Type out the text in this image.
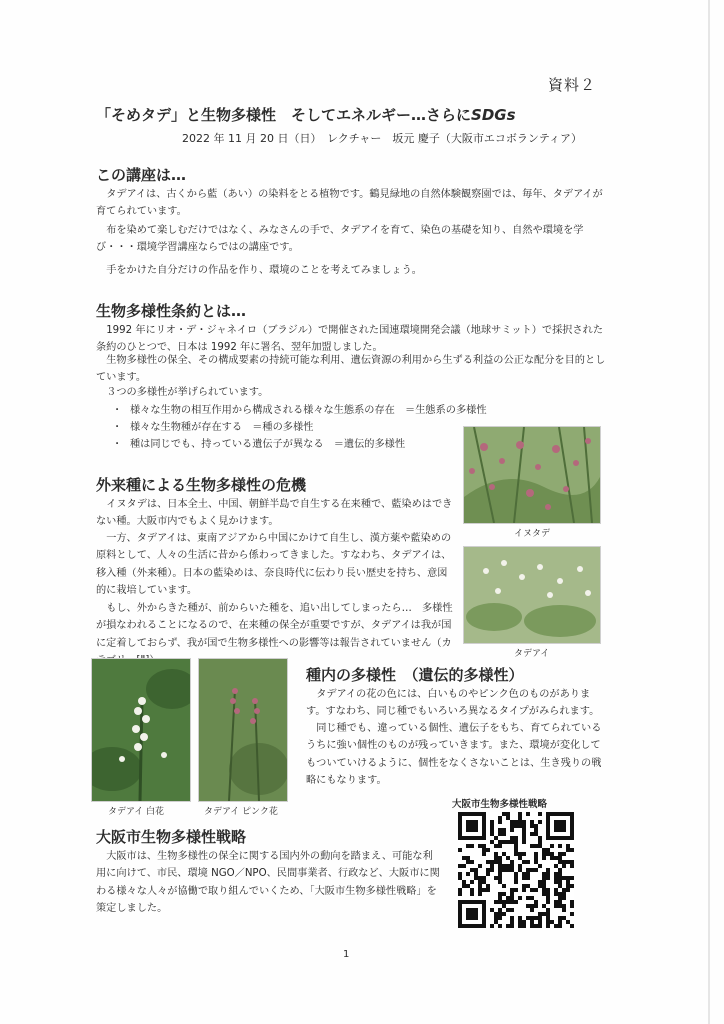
資料２
「そめタデ」と生物多様性　そしてエネルギー…さらにSDGs
2022 年 11 月 20 日（日）　レクチャー　坂元 慶子（大阪市エコボランティア）
この講座は…
タデアイは、古くから藍（あい）の染料をとる植物です。鶴見緑地の自然体験観察園では、毎年、タデアイが育てられています。
布を染めて楽しむだけではなく、みなさんの手で、タデアイを育て、染色の基礎を知り、自然や環境を学び・・・環境学習講座ならではの講座です。
手をかけた自分だけの作品を作り、環境のことを考えてみましょう。
生物多様性条約とは…
1992 年にリオ・デ・ジャネイロ（ブラジル）で開催された国連環境開発会議（地球サミット）で採択された条約のひとつで、日本は 1992 年に署名、翌年加盟しました。
生物多様性の保全、その構成要素の持続可能な利用、遺伝資源の利用から生ずる利益の公正な配分を目的としています。
３つの多様性が挙げられています。
・ 様々な生物の相互作用から構成される様々な生態系の存在　＝生態系の多様性
・ 様々な生物種が存在する　＝種の多様性
・ 種は同じでも、持っている遺伝子が異なる　＝遺伝的多様性
外来種による生物多様性の危機
イヌタデは、日本全土、中国、朝鮮半島で自生する在来種で、藍染めはできない種。大阪市内でもよく見かけます。
一方、タデアイは、東南アジアから中国にかけて自生し、漢方薬や藍染めの原料として、人々の生活に昔から係わってきました。すなわち、タデアイは、移入種（外来種）。日本の藍染めは、奈良時代に伝わり長い歴史を持ち、意図的に栽培しています。
もし、外からきた種が、前からいた種を、追い出してしまったら…　多様性が損なわれることになるので、在来種の保全が重要ですが、タデアイは我が国に定着しておらず、我が国で生物多様性への影響等は報告されていません（カ
イヌタデ
タデアイ
タデアイ 白花	タデアイ ピンク花
種内の多様性　（遺伝的多様性）
タデアイの花の色には、白いものやピンク色のものがあります。すなわち、同じ種でもいろいろ異なるタイプがみられます。
同じ種でも、違っている個性、遺伝子をもち、育てられているうちに強い個性のものが残っていきます。また、環境が変化してもついていけるように、個性をなくさないことは、生き残りの戦略にもなります。
大阪市生物多様性戦略
大阪市は、生物多様性の保全に関する国内外の動向を踏まえ、可能な利用に向けて、市民、環境 NGO／NPO、民間事業者、行政など、大阪市に関わる様々な人々が協働で取り組んでいくため、「大阪市生物多様性戦略」を策定しました。
大阪市生物多様性戦略
1
